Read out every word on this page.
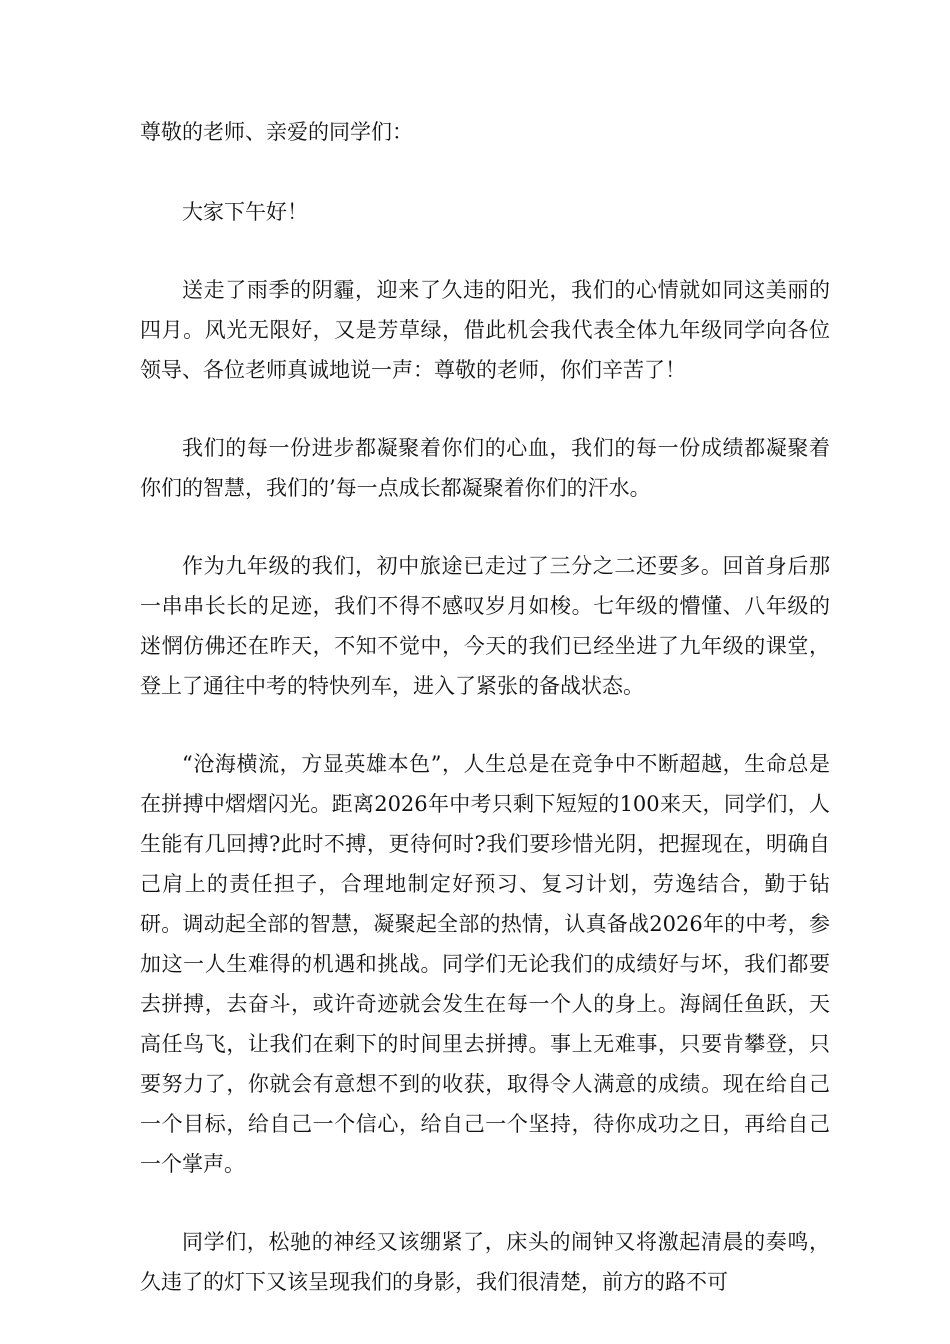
尊敬的老师、亲爱的同学们：

大家下午好！

送走了雨季的阴霾，迎来了久违的阳光，我们的心情就如同这美丽的四月。风光无限好，又是芳草绿，借此机会我代表全体九年级同学向各位领导、各位老师真诚地说一声：尊敬的老师，你们辛苦了！

我们的每一份进步都凝聚着你们的心血，我们的每一份成绩都凝聚着你们的智慧，我们的’每一点成长都凝聚着你们的汗水。

作为九年级的我们，初中旅途已走过了三分之二还要多。回首身后那一串串长长的足迹，我们不得不感叹岁月如梭。七年级的懵懂、八年级的迷惘仿佛还在昨天，不知不觉中，今天的我们已经坐进了九年级的课堂，登上了通往中考的特快列车，进入了紧张的备战状态。

“沧海横流，方显英雄本色”，人生总是在竞争中不断超越，生命总是在拼搏中熠熠闪光。距离2026年中考只剩下短短的100来天，同学们，人生能有几回搏?此时不搏，更待何时?我们要珍惜光阴，把握现在，明确自己肩上的责任担子，合理地制定好预习、复习计划，劳逸结合，勤于钻研。调动起全部的智慧，凝聚起全部的热情，认真备战2026年的中考，参加这一人生难得的机遇和挑战。同学们无论我们的成绩好与坏，我们都要去拼搏，去奋斗，或许奇迹就会发生在每一个人的身上。海阔任鱼跃，天高任鸟飞，让我们在剩下的时间里去拼搏。事上无难事，只要肯攀登，只要努力了，你就会有意想不到的收获，取得令人满意的成绩。现在给自己一个目标，给自己一个信心，给自己一个坚持，待你成功之日，再给自己一个掌声。

同学们，松驰的神经又该绷紧了，床头的闹钟又将激起清晨的奏鸣，久违了的灯下又该呈现我们的身影，我们很清楚，前方的路不可
